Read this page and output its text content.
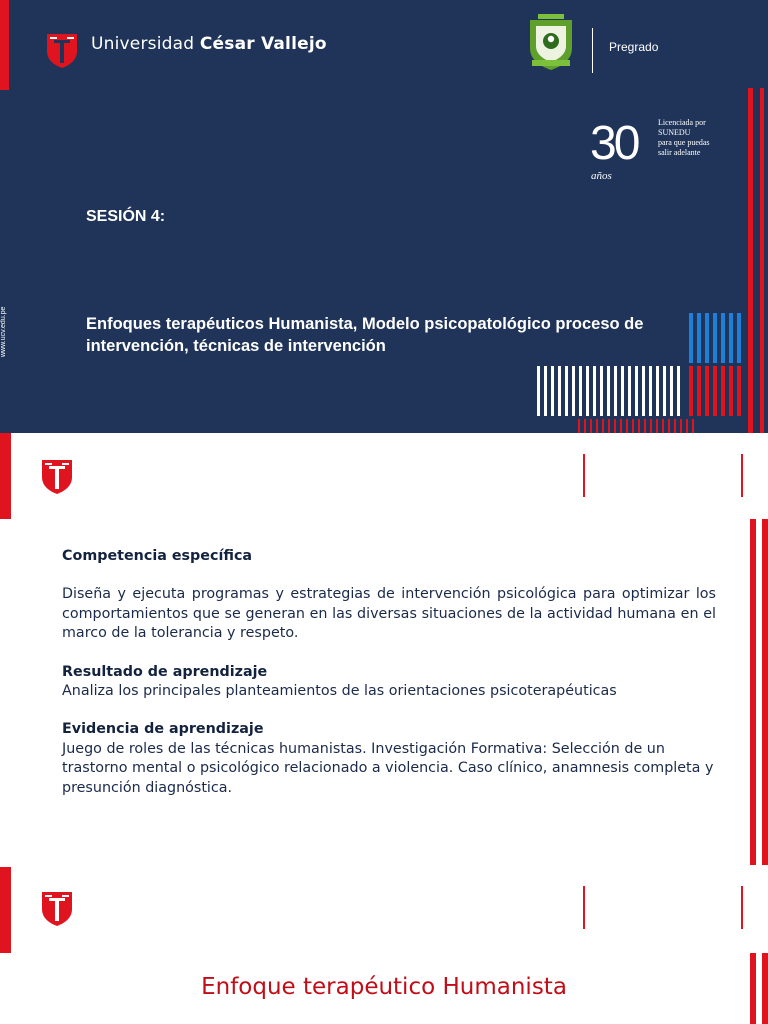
Universidad César Vallejo	Pregrado
30
años
Licenciada por
SUNEDU
para que puedas
salir adelante
SESIÓN 4:
Enfoques terapéuticos Humanista, Modelo psicopatológico proceso de intervención, técnicas de intervención
www.ucv.edu.pe

Competencia específica

Diseña y ejecuta programas y estrategias de intervención psicológica para optimizar los comportamientos que se generan en las diversas situaciones de la actividad humana en el marco de la tolerancia y respeto.

Resultado de aprendizaje

Analiza los principales planteamientos de las orientaciones psicoterapéuticas

Evidencia de aprendizaje

Juego de roles de las técnicas humanistas. Investigación Formativa: Selección de un trastorno mental o psicológico relacionado a violencia. Caso clínico, anamnesis completa y presunción diagnóstica.

Enfoque terapéutico Humanista
